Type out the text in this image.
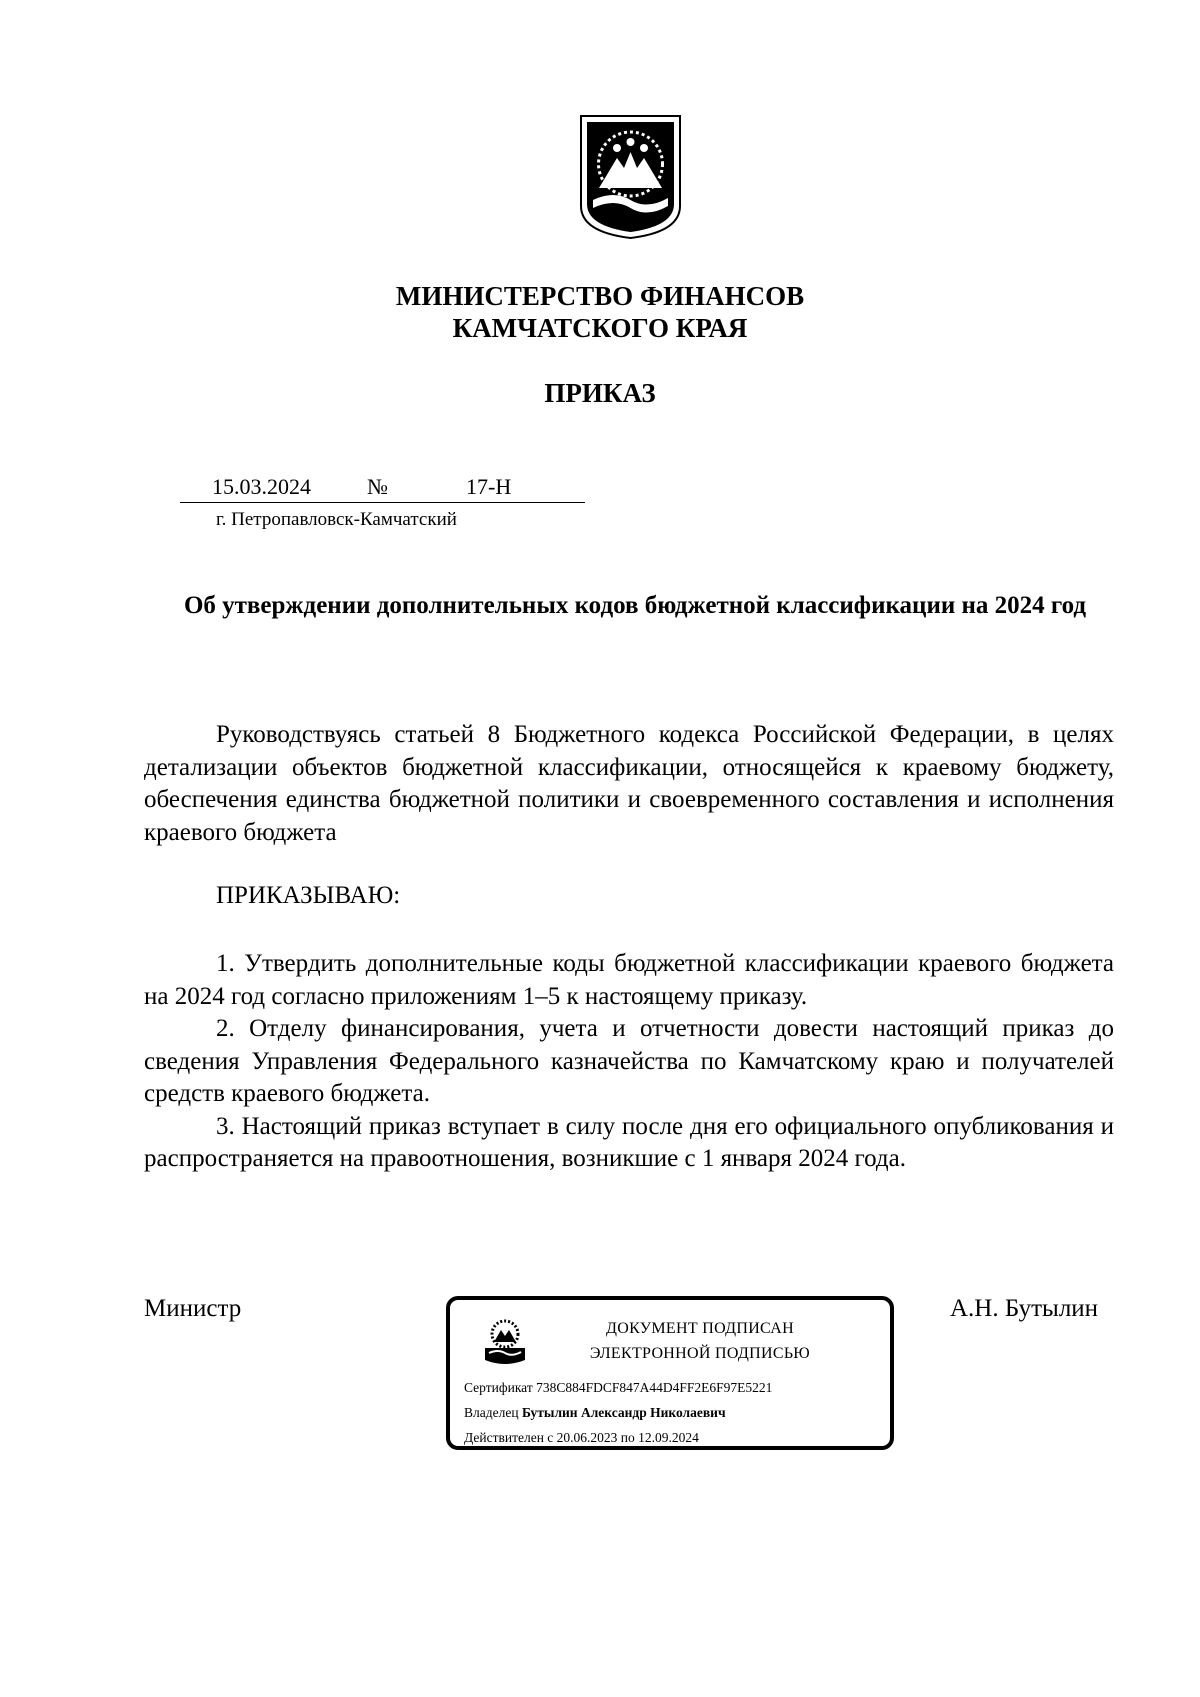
МИНИСТЕРСТВО ФИНАНСОВ
КАМЧАТСКОГО КРАЯ
ПРИКАЗ
15.03.2024	№	17-Н
г. Петропавловск-Камчатский
Об утверждении дополнительных кодов бюджетной классификации на 2024 год
Руководствуясь статьей 8 Бюджетного кодекса Российской Федерации, в целях детализации объектов бюджетной классификации, относящейся к краевому бюджету, обеспечения единства бюджетной политики и своевременного составления и исполнения краевого бюджета
ПРИКАЗЫВАЮ:

1. Утвердить дополнительные коды бюджетной классификации краевого бюджета на 2024 год согласно приложениям 1–5 к настоящему приказу.

2. Отделу финансирования, учета и отчетности довести настоящий приказ до сведения Управления Федерального казначейства по Камчатскому краю и получателей средств краевого бюджета.

3. Настоящий приказ вступает в силу после дня его официального опубликования и распространяется на правоотношения, возникшие с 1 января 2024 года.

Министр	А.Н. Бутылин
ДОКУМЕНТ ПОДПИСАН
ЭЛЕКТРОННОЙ ПОДПИСЬЮ
Сертификат 738C884FDCF847A44D4FF2E6F97E5221
Владелец Бутылин Александр Николаевич
Действителен с 20.06.2023 по 12.09.2024
